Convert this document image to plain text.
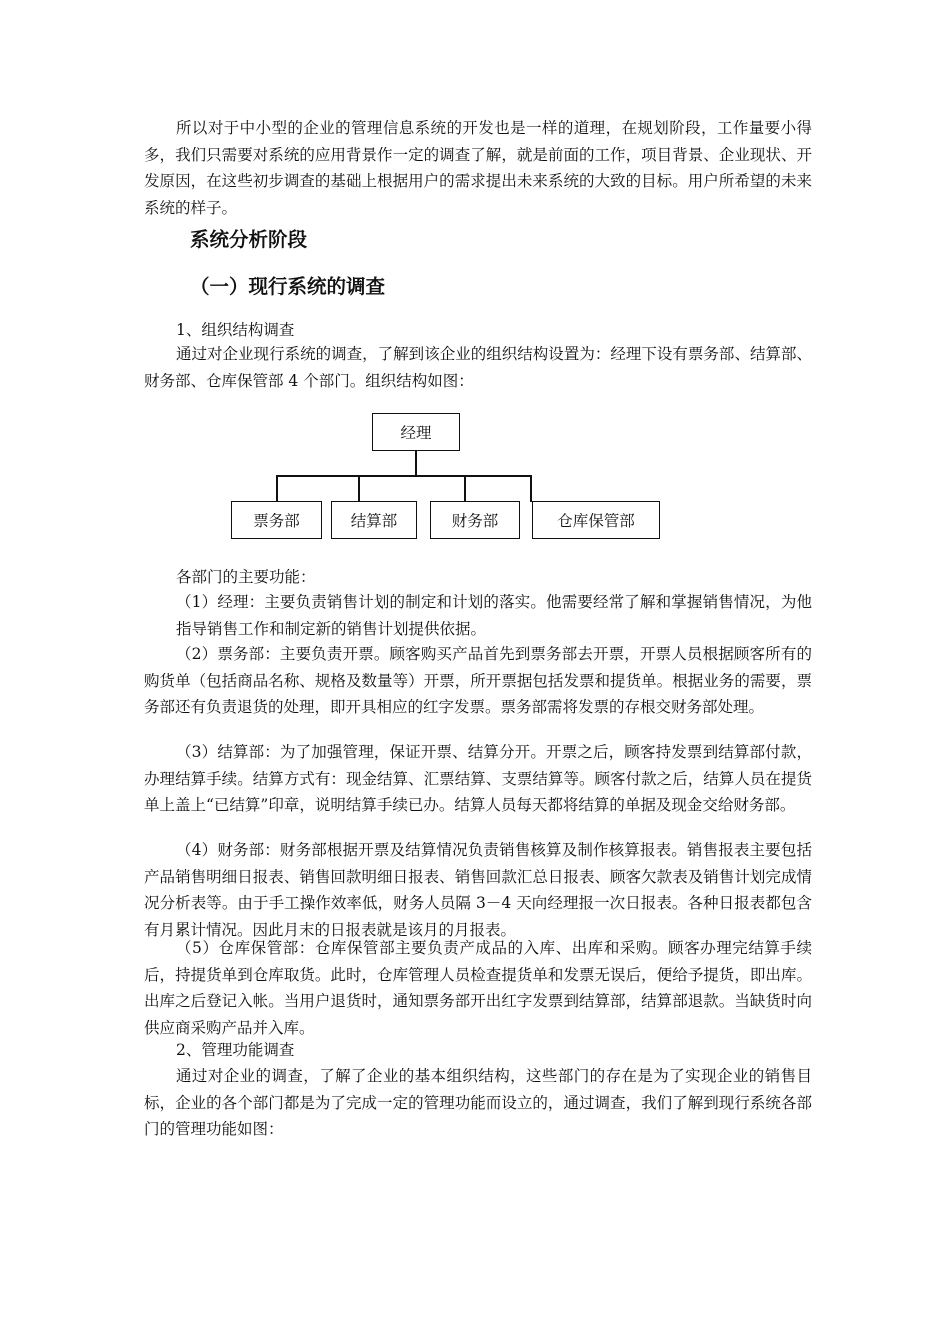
所以对于中小型的企业的管理信息系统的开发也是一样的道理，在规划阶段，工作量要小得多，我们只需要对系统的应用背景作一定的调查了解，就是前面的工作，项目背景、企业现状、开发原因，在这些初步调查的基础上根据用户的需求提出未来系统的大致的目标。用户所希望的未来系统的样子。

系统分析阶段
（一）现行系统的调查
1、组织结构调查

通过对企业现行系统的调查，了解到该企业的组织结构设置为：经理下设有票务部、结算部、财务部、仓库保管部 4 个部门。组织结构如图：

经理
票务部	结算部	财务部	仓库保管部
各部门的主要功能：

（1）经理：主要负责销售计划的制定和计划的落实。他需要经常了解和掌握销售情况，为他指导销售工作和制定新的销售计划提供依据。

（2）票务部：主要负责开票。顾客购买产品首先到票务部去开票，开票人员根据顾客所有的购货单（包括商品名称、规格及数量等）开票，所开票据包括发票和提货单。根据业务的需要，票务部还有负责退货的处理，即开具相应的红字发票。票务部需将发票的存根交财务部处理。

（3）结算部：为了加强管理，保证开票、结算分开。开票之后，顾客持发票到结算部付款，办理结算手续。结算方式有：现金结算、汇票结算、支票结算等。顾客付款之后，结算人员在提货单上盖上“已结算”印章，说明结算手续已办。结算人员每天都将结算的单据及现金交给财务部。

（4）财务部：财务部根据开票及结算情况负责销售核算及制作核算报表。销售报表主要包括产品销售明细日报表、销售回款明细日报表、销售回款汇总日报表、顾客欠款表及销售计划完成情况分析表等。由于手工操作效率低，财务人员隔 3－4 天向经理报一次日报表。各种日报表都包含有月累计情况。因此月末的日报表就是该月的月报表。

（5）仓库保管部：仓库保管部主要负责产成品的入库、出库和采购。顾客办理完结算手续后，持提货单到仓库取货。此时，仓库管理人员检查提货单和发票无误后，便给予提货，即出库。出库之后登记入帐。当用户退货时，通知票务部开出红字发票到结算部，结算部退款。当缺货时向供应商采购产品并入库。

2、管理功能调查

通过对企业的调查，了解了企业的基本组织结构，这些部门的存在是为了实现企业的销售目标，企业的各个部门都是为了完成一定的管理功能而设立的，通过调查，我们了解到现行系统各部门的管理功能如图：
